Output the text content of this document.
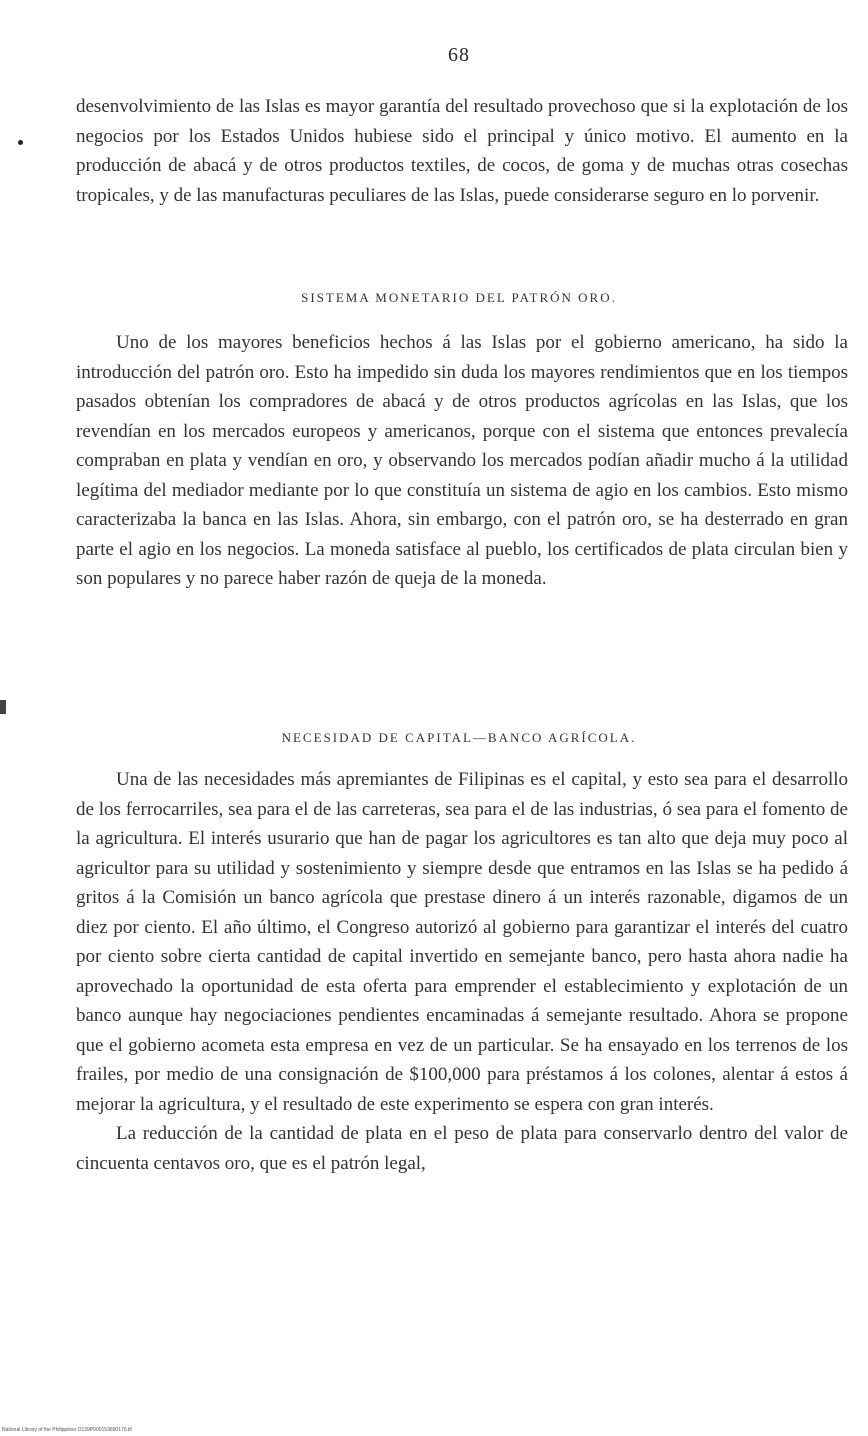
68

desenvolvimiento de las Islas es mayor garantía del resultado provechoso que si la explotación de los negocios por los Estados Unidos hubiese sido el principal y único motivo. El aumento en la producción de abacá y de otros productos textiles, de cocos, de goma y de muchas otras cosechas tropicales, y de las manufacturas peculiares de las Islas, puede considerarse seguro en lo porvenir.

SISTEMA MONETARIO DEL PATRÓN ORO.

Uno de los mayores beneficios hechos á las Islas por el gobierno americano, ha sido la introducción del patrón oro. Esto ha impedido sin duda los mayores rendimientos que en los tiempos pasados obtenían los compradores de abacá y de otros productos agrícolas en las Islas, que los revendían en los mercados europeos y americanos, porque con el sistema que entonces prevalecía compraban en plata y vendían en oro, y observando los mercados podían añadir mucho á la utilidad legítima del mediador mediante por lo que constituía un sistema de agio en los cambios. Esto mismo caracterizaba la banca en las Islas. Ahora, sin embargo, con el patrón oro, se ha desterrado en gran parte el agio en los negocios. La moneda satisface al pueblo, los certificados de plata circulan bien y son populares y no parece haber razón de queja de la moneda.

NECESIDAD DE CAPITAL—BANCO AGRÍCOLA.

Una de las necesidades más apremiantes de Filipinas es el capital, y esto sea para el desarrollo de los ferrocarriles, sea para el de las carreteras, sea para el de las industrias, ó sea para el fomento de la agricultura. El interés usurario que han de pagar los agricultores es tan alto que deja muy poco al agricultor para su utilidad y sostenimiento y siempre desde que entramos en las Islas se ha pedido á gritos á la Comisión un banco agrícola que prestase dinero á un interés razonable, digamos de un diez por ciento. El año último, el Congreso autorizó al gobierno para garantizar el interés del cuatro por ciento sobre cierta cantidad de capital invertido en semejante banco, pero hasta ahora nadie ha aprovechado la oportunidad de esta oferta para emprender el establecimiento y explotación de un banco aunque hay negociaciones pendientes encaminadas á semejante resultado. Ahora se propone que el gobierno acometa esta empresa en vez de un particular. Se ha ensayado en los terrenos de los frailes, por medio de una consignación de $100,000 para préstamos á los colones, alentar á estos á mejorar la agricultura, y el resultado de este experimento se espera con gran interés.

La reducción de la cantidad de plata en el peso de plata para conservarlo dentro del valor de cincuenta centavos oro, que es el patrón legal,

National Library of the Philippines D139P000153690170.tif
